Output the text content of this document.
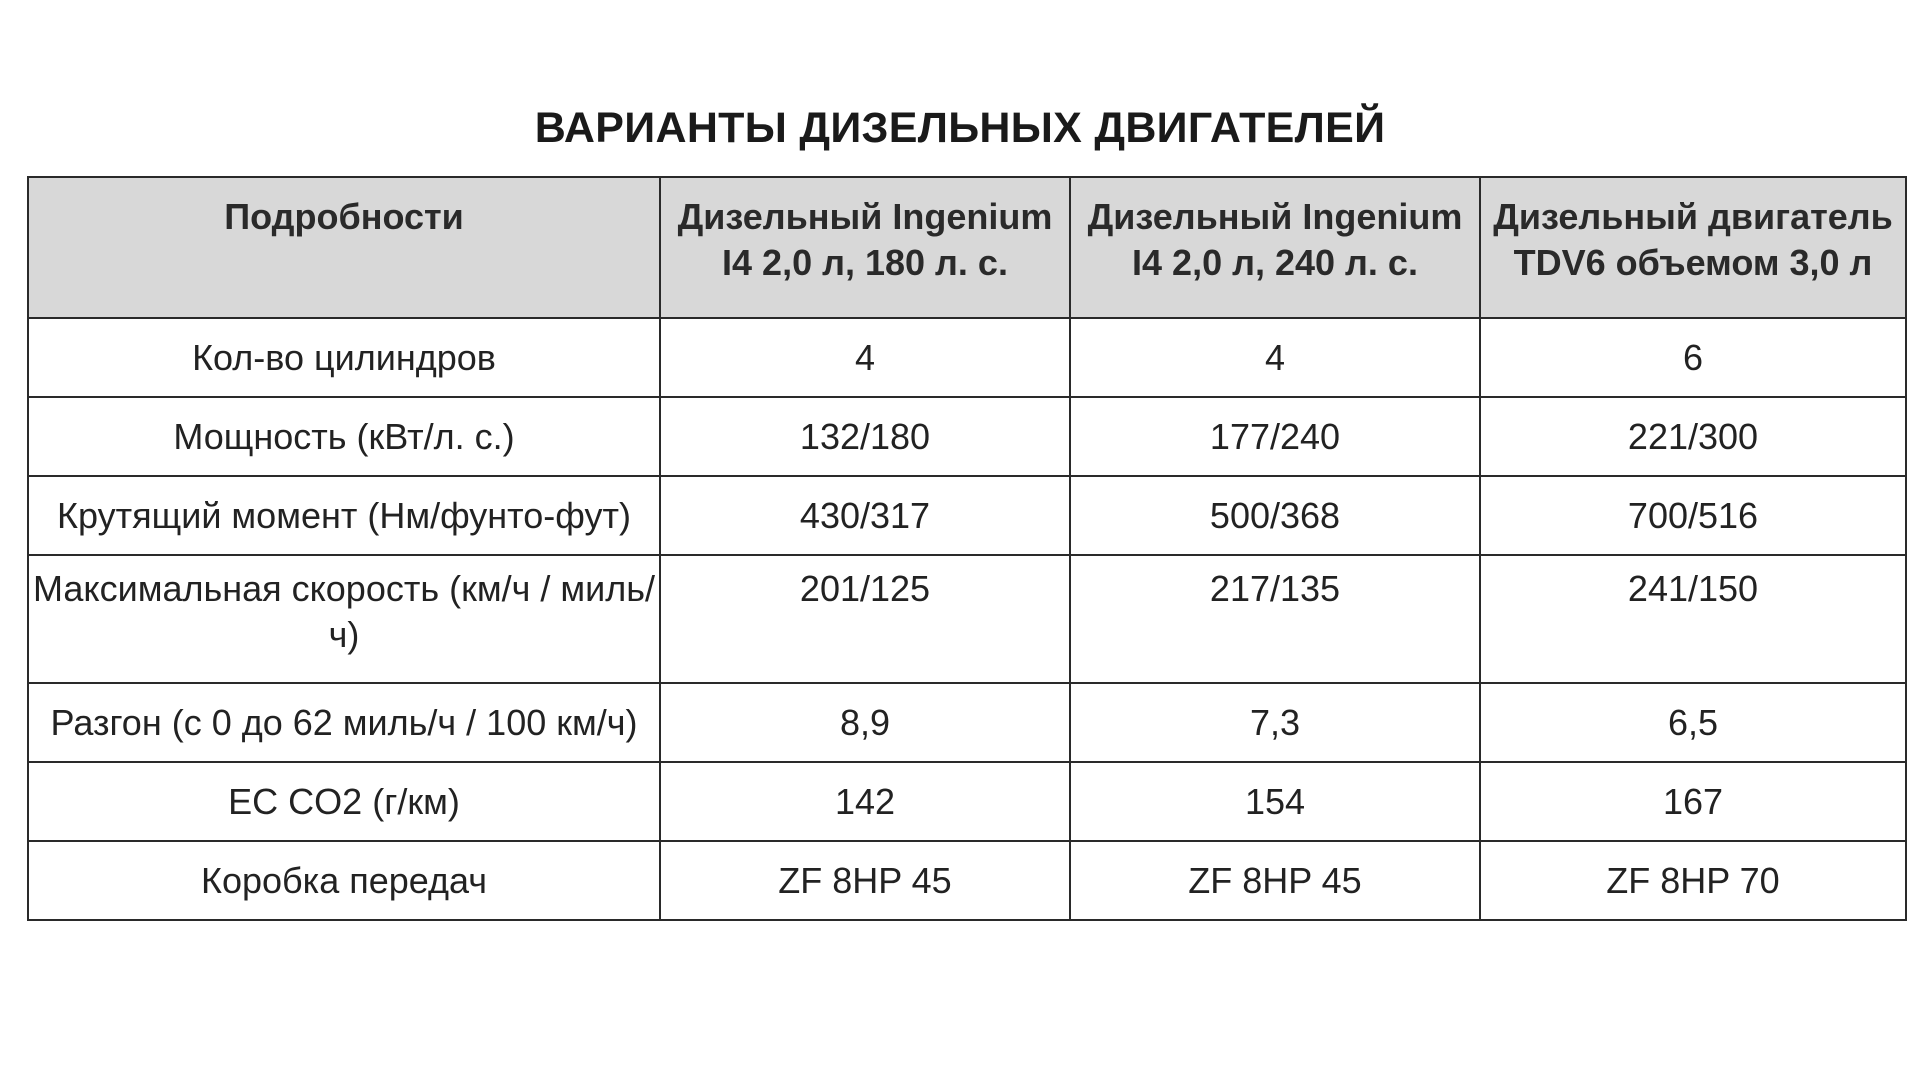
ВАРИАНТЫ ДИЗЕЛЬНЫХ ДВИГАТЕЛЕЙ
Подробности	Дизельный Ingenium I4 2,0 л, 180 л. с.	Дизельный Ingenium I4 2,0 л, 240 л. с.	Дизельный двигатель TDV6 объемом 3,0 л
Кол-во цилиндров	4	4	6
Мощность (кВт/л. с.)	132/180	177/240	221/300
Крутящий момент (Нм/фунто-фут)	430/317	500/368	700/516
Максимальная скорость (км/ч / миль/ч)	201/125	217/135	241/150
Разгон (с 0 до 62 миль/ч / 100 км/ч)	8,9	7,3	6,5
ЕС CO2 (г/км)	142	154	167
Коробка передач	ZF 8HP 45	ZF 8HP 45	ZF 8HP 70
